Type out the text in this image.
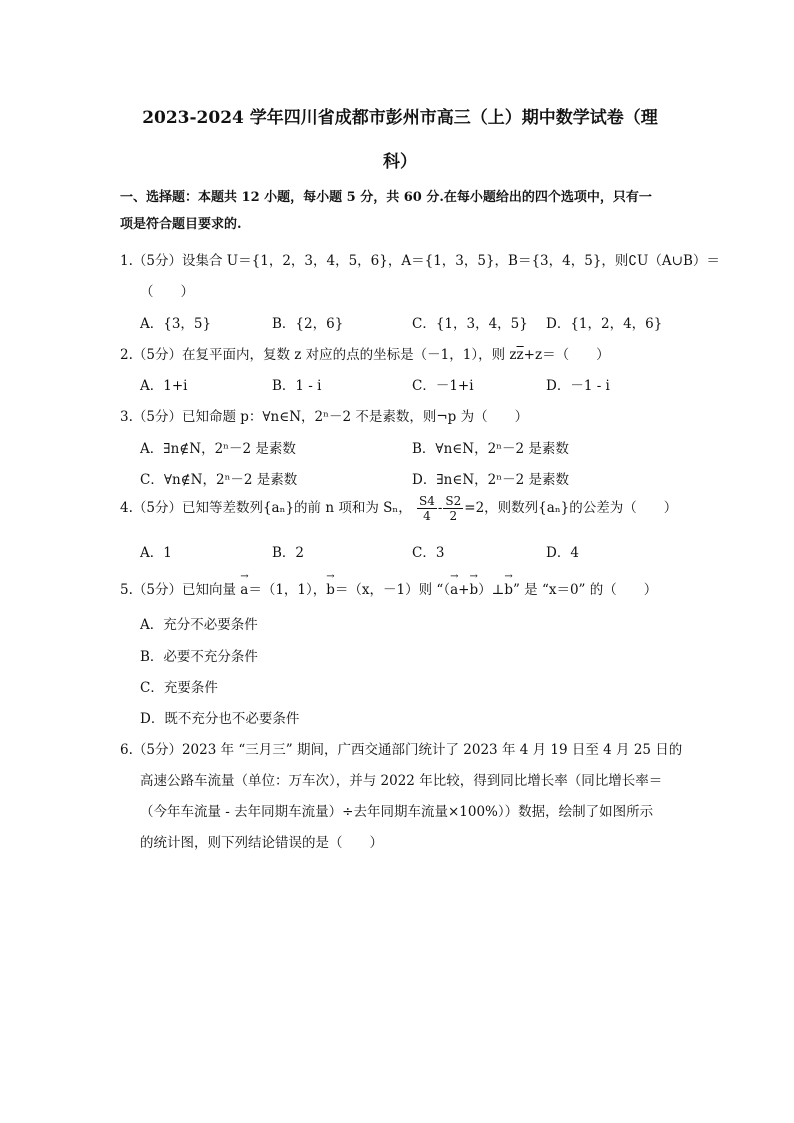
2023-2024 学年四川省成都市彭州市高三（上）期中数学试卷（理
科）
一、选择题：本题共 12 小题，每小题 5 分，共 60 分.在每小题给出的四个选项中，只有一
项是符合题目要求的.
1.（5分）设集合 U＝{1，2，3，4，5，6}，A＝{1，3，5}，B＝{3，4，5}，则∁U（A∪B）＝
（　　）
A．{3，5}	B．{2，6}	C．{1，3，4，5} D．{1，2，4，6}
2.（5分）在复平面内，复数 z 对应的点的坐标是（－1，1），则 $z\overline{z}+z=$（　　）
A．1+i	B．1 - i	C．－1+i	D．－1 - i
3.（5分）已知命题 p：∀n∈N，2ⁿ－2 不是素数，则¬p 为（　　）
A．∃n∉N，2ⁿ－2 是素数	B．∀n∈N，2ⁿ－2 是素数
C．∀n∉N，2ⁿ－2 是素数	D．∃n∈N，2ⁿ－2 是素数
4.（5分）已知等差数列{aₙ}的前 n 项和为 Sₙ， $\frac{S4}{4} - \frac{S2}{2} =2$，则数列{aₙ}的公差为（　　）
A．1	B．2	C．3	D．4
5.（5分）已知向量 → a＝（1，1），→ b＝（x，－1）则 “（→ a+→ b）⊥→ b” 是 “x＝0” 的（　　）
A．充分不必要条件
B．必要不充分条件
C．充要条件
D．既不充分也不必要条件
6.（5分）2023 年 “三月三” 期间，广西交通部门统计了 2023 年 4 月 19 日至 4 月 25 日的
高速公路车流量（单位：万车次），并与 2022 年比较，得到同比增长率（同比增长率＝
（今年车流量 - 去年同期车流量）÷去年同期车流量×100%））数据，绘制了如图所示
的统计图，则下列结论错误的是（　　）
